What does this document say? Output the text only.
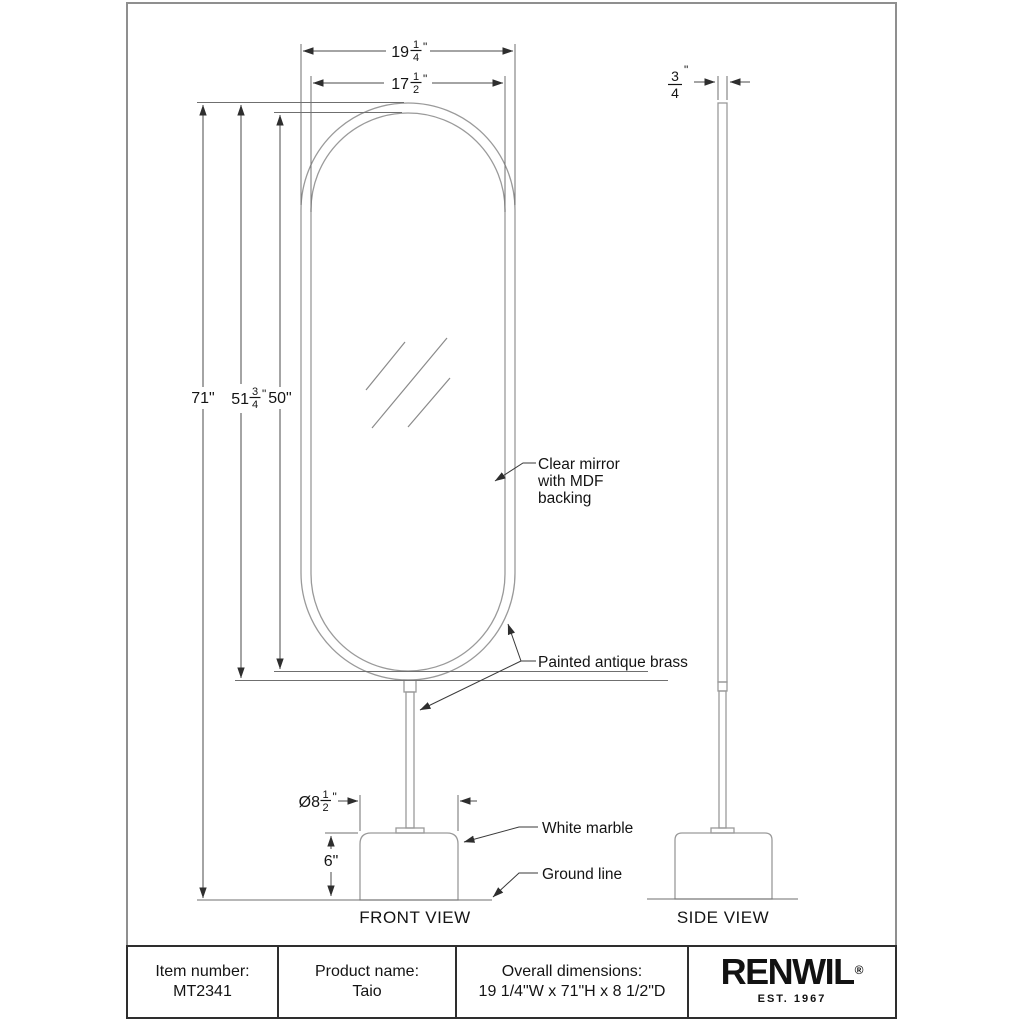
FRONT VIEW	SIDE VIEW
19 1
4
"
17 1
2
"
71" 51 3
4
" 50"
Ø8 1
2
"
6"
3
4
"
Clear mirror
with MDF
backing
Painted antique brass
White marble
Ground line
Item number:
MT2341
Product name:
Taio
Overall dimensions:
19 1/4"W x 71"H x 8 1/2"D RENWIL ®
EST. 1967
